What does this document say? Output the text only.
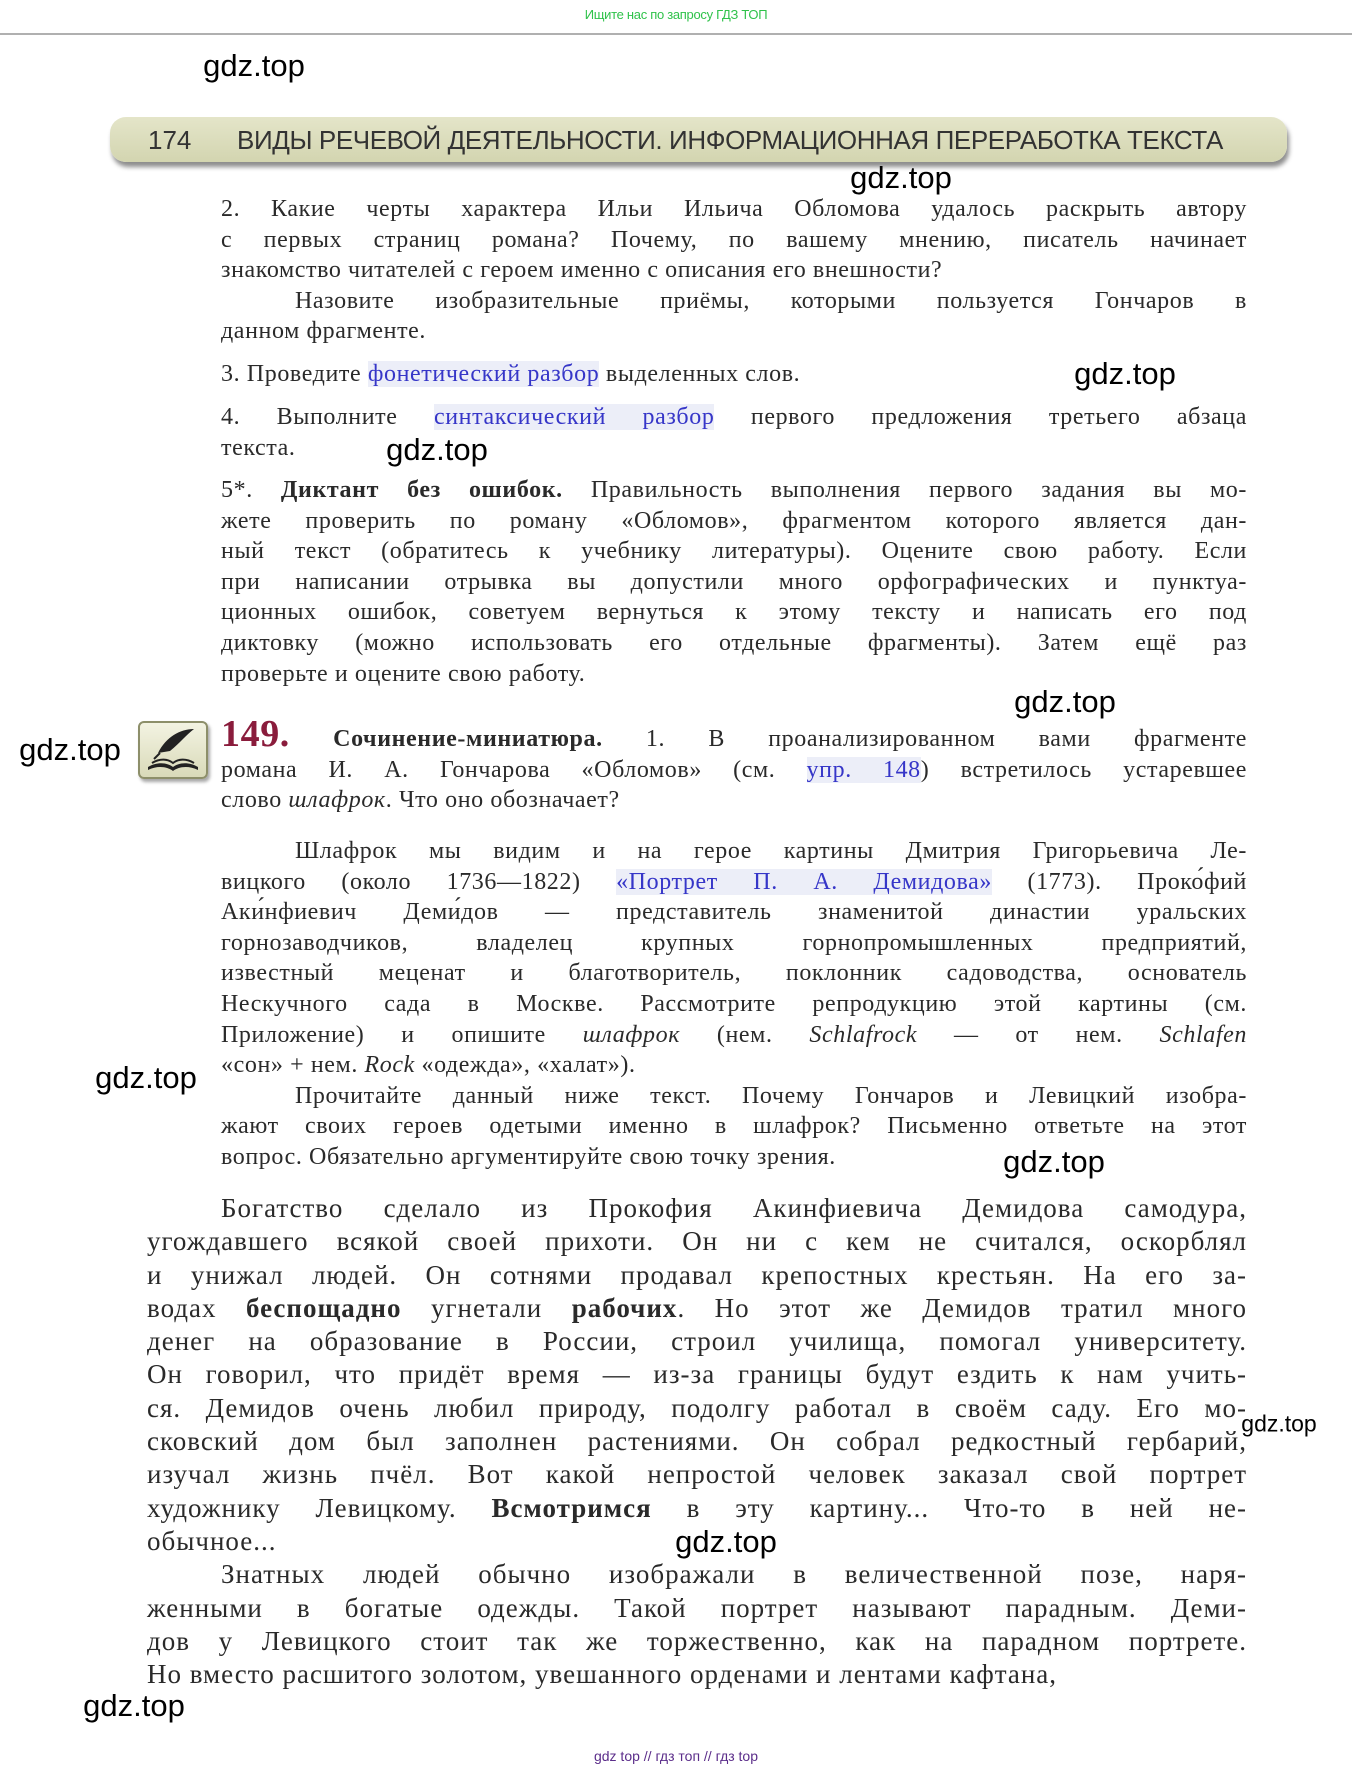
Ищите нас по запросу ГДЗ ТОП
174 ВИДЫ РЕЧЕВОЙ ДЕЯТЕЛЬНОСТИ. ИНФОРМАЦИОННАЯ ПЕРЕРАБОТКА ТЕКСТА
2. Какие черты характера Ильи Ильича Обломова удалось раскрыть автору
с первых страниц романа? Почему, по вашему мнению, писатель начинает
знакомство читателей с героем именно с описания его внешности?
Назовите изобразительные приёмы, которыми пользуется Гончаров в
данном фрагменте.
3. Проведите фонетический разбор выделенных слов.
4. Выполните синтаксический разбор первого предложения третьего абзаца
текста.
5*. Диктант без ошибок. Правильность выполнения первого задания вы мо-
жете проверить по роману «Обломов», фрагментом которого является дан-
ный текст (обратитесь к учебнику литературы). Оцените свою работу. Если
при написании отрывка вы допустили много орфографических и пунктуа-
ционных ошибок, советуем вернуться к этому тексту и написать его под
диктовку (можно использовать его отдельные фрагменты). Затем ещё раз
проверьте и оцените свою работу.
149. Сочинение-миниатюра. 1. В проанализированном вами фрагменте
романа И. А. Гончарова «Обломов» (см. упр. 148) встретилось устаревшее
слово шлафрок. Что оно обозначает?
Шлафрок мы видим и на герое картины Дмитрия Григорьевича Ле-
вицкого (около 1736—1822) «Портрет П. А. Демидова» (1773). Проко́фий
Аки́нфиевич Деми́дов — представитель знаменитой династии уральских
горнозаводчиков, владелец крупных горнопромышленных предприятий,
известный меценат и благотворитель, поклонник садоводства, основатель
Нескучного сада в Москве. Рассмотрите репродукцию этой картины (см.
Приложение) и опишите шлафрок (нем. Schlafrock — от нем. Schlafen
«сон» + нем. Rock «одежда», «халат»).
Прочитайте данный ниже текст. Почему Гончаров и Левицкий изобра-
жают своих героев одетыми именно в шлафрок? Письменно ответьте на этот
вопрос. Обязательно аргументируйте свою точку зрения.
Богатство сделало из Прокофия Акинфиевича Демидова самодура,
угождавшего всякой своей прихоти. Он ни с кем не считался, оскорблял
и унижал людей. Он сотнями продавал крепостных крестьян. На его за-
водах беспощадно угнетали рабочих. Но этот же Демидов тратил много
денег на образование в России, строил училища, помогал университету.
Он говорил, что придёт время — из-за границы будут ездить к нам учить-
ся. Демидов очень любил природу, подолгу работал в своём саду. Его мо-
сковский дом был заполнен растениями. Он собрал редкостный гербарий,
изучал жизнь пчёл. Вот какой непростой человек заказал свой портрет
художнику Левицкому. Всмотримся в эту картину... Что-то в ней не-
обычное...
Знатных людей обычно изображали в величественной позе, наря-
женными в богатые одежды. Такой портрет называют парадным. Деми-
дов у Левицкого стоит так же торжественно, как на парадном портрете.
Но вместо расшитого золотом, увешанного орденами и лентами кафтана,
gdz.top
gdz.top
gdz.top
gdz.top
gdz.top
gdz.top
gdz.top
gdz.top
gdz.top
gdz.top
gdz.top
gdz top // гдз топ // гдз top
